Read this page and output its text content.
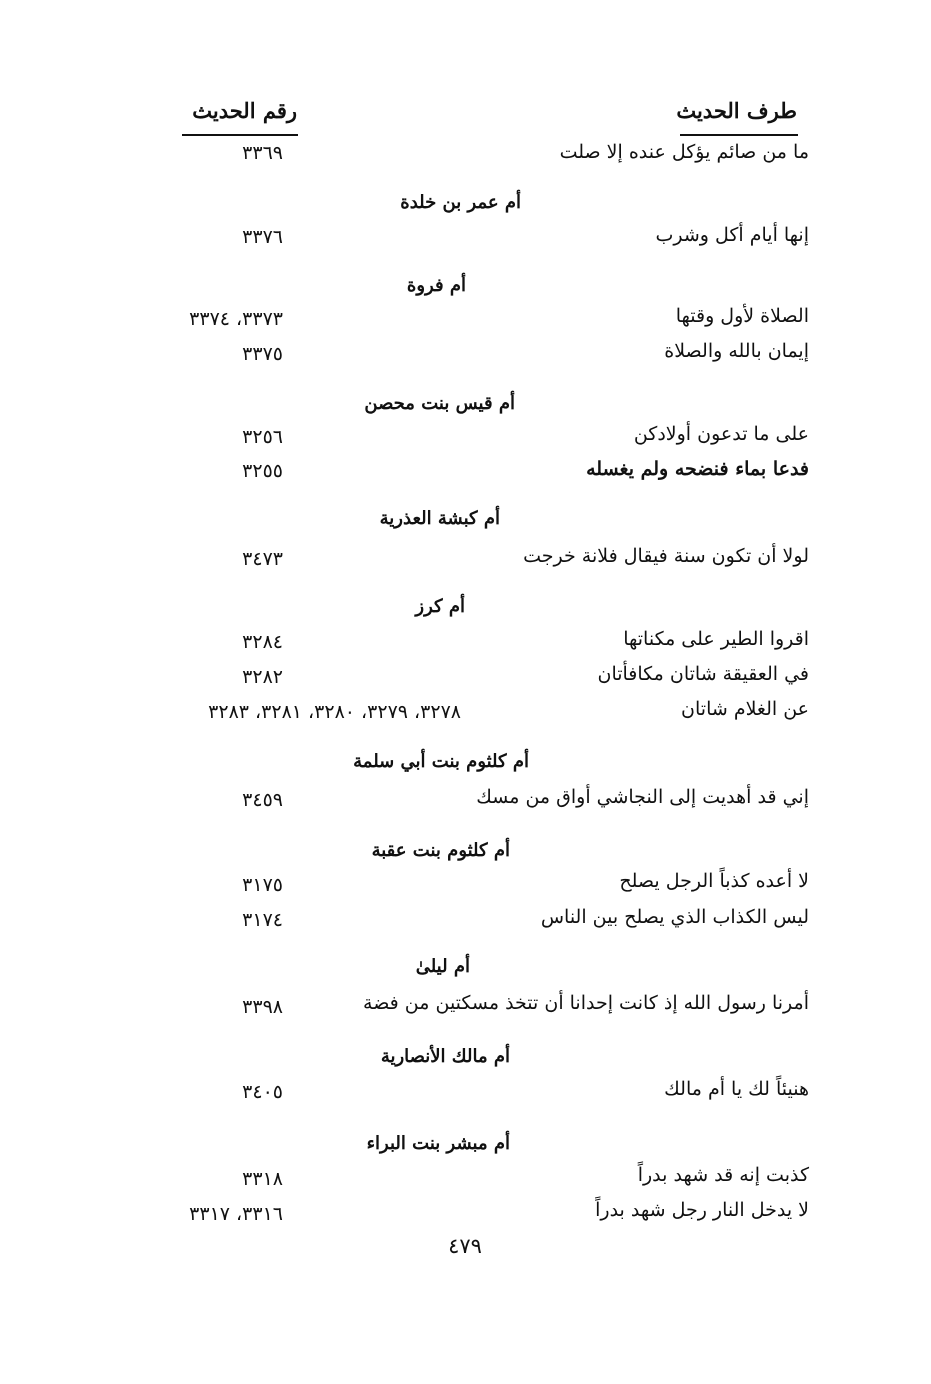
طرف الحديث
رقم الحديث
ما من صائم يؤكل عنده إلا صلت
٣٣٦٩
أم عمر بن خلدة
إنها أيام أكل وشرب
٣٣٧٦
أم فروة
الصلاة لأول وقتها
٣٣٧٣، ٣٣٧٤
إيمان بالله والصلاة
٣٣٧٥
أم قيس بنت محصن
على ما تدعون أولادكن
٣٢٥٦
فدعا بماء فنضحه ولم يغسله
٣٢٥٥
أم كبشة العذرية
لولا أن تكون سنة فيقال فلانة خرجت
٣٤٧٣
أم كرز
اقروا الطير على مكناتها
٣٢٨٤
في العقيقة شاتان مكافأتان
٣٢٨٢
عن الغلام شاتان
٣٢٧٨، ٣٢٧٩، ٣٢٨٠، ٣٢٨١، ٣٢٨٣
أم كلثوم بنت أبي سلمة
إني قد أهديت إلى النجاشي أواق من مسك
٣٤٥٩
أم كلثوم بنت عقبة
لا أعده كذباً الرجل يصلح
٣١٧٥
ليس الكذاب الذي يصلح بين الناس
٣١٧٤
أم ليلىٰ
أمرنا رسول الله إذ كانت إحدانا أن تتخذ مسكتين من فضة
٣٣٩٨
أم مالك الأنصارية
هنيئاً لك يا أم مالك
٣٤٠٥
أم مبشر بنت البراء
كذبت إنه قد شهد بدراً
٣٣١٨
لا يدخل النار رجل شهد بدراً
٣٣١٦، ٣٣١٧
٤٧٩
